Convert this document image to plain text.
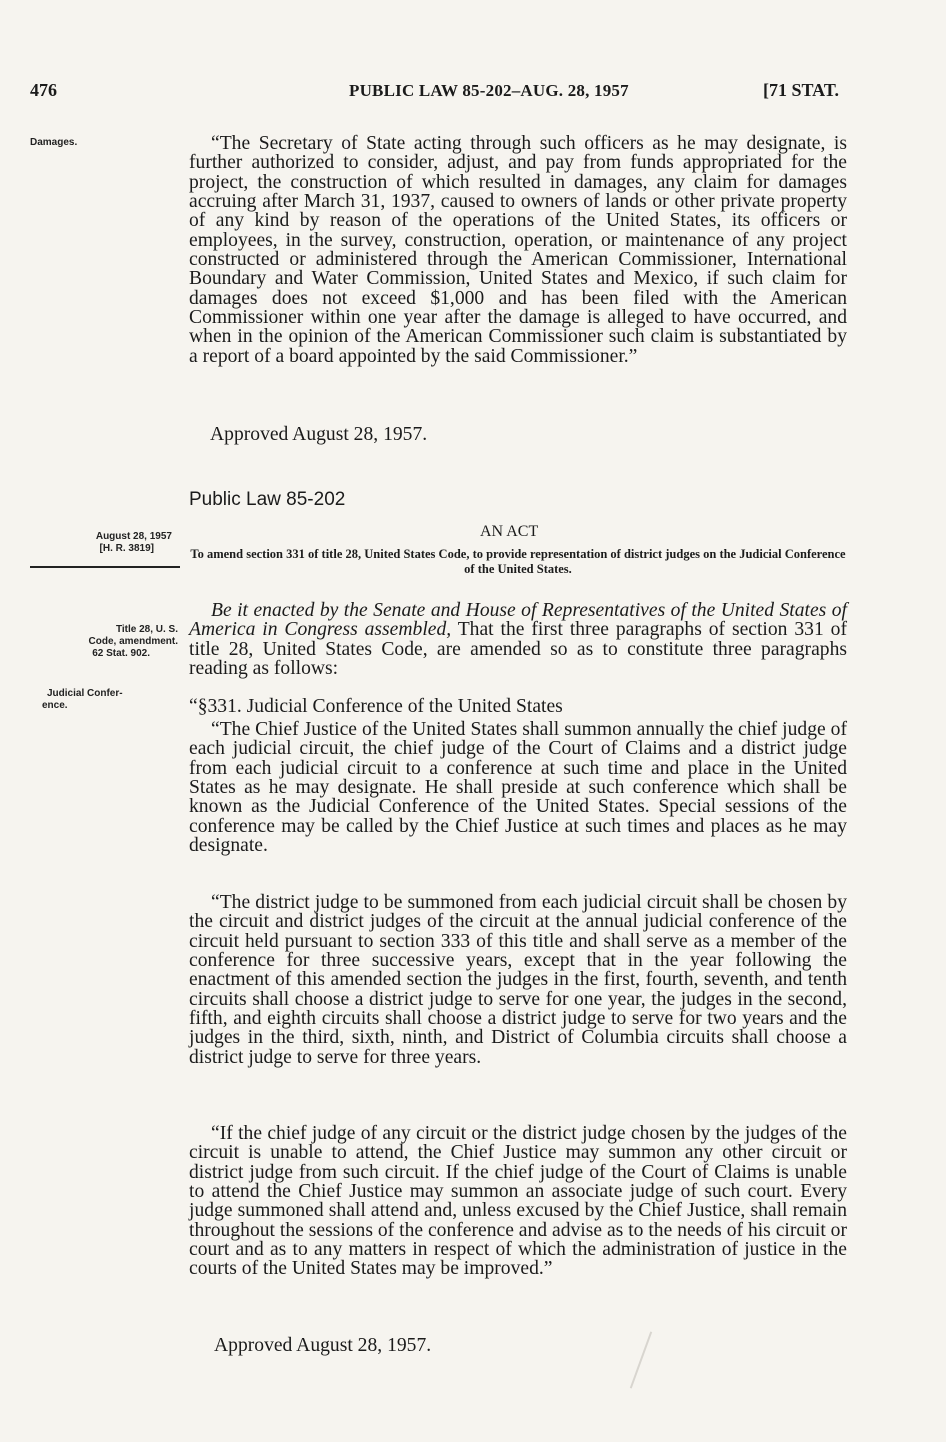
476	PUBLIC LAW 85-202–AUG. 28, 1957	[71 STAT.
Damages.
August 28, 1957
[H. R. 3819]
Title 28, U. S.
Code, amendment.
62 Stat. 902.
Judicial Confer-
ence.

“The Secretary of State acting through such officers as he may designate, is further authorized to consider, adjust, and pay from funds appropriated for the project, the construction of which resulted in damages, any claim for damages accruing after March 31, 1937, caused to owners of lands or other private property of any kind by reason of the operations of the United States, its officers or employees, in the survey, construction, operation, or maintenance of any project constructed or administered through the American Commissioner, International Boundary and Water Commission, United States and Mexico, if such claim for damages does not exceed $1,000 and has been filed with the American Commissioner within one year after the damage is alleged to have occurred, and when in the opinion of the American Commissioner such claim is substantiated by a report of a board appointed by the said Commissioner.”

Approved August 28, 1957.
Public Law 85-202
AN ACT
To amend section 331 of title 28, United States Code, to provide representation of district judges on the Judicial Conference of the United States.

Be it enacted by the Senate and House of Representatives of the United States of America in Congress assembled, That the first three paragraphs of section 331 of title 28, United States Code, are amended so as to constitute three paragraphs reading as follows:

“§331. Judicial Conference of the United States

“The Chief Justice of the United States shall summon annually the chief judge of each judicial circuit, the chief judge of the Court of Claims and a district judge from each judicial circuit to a conference at such time and place in the United States as he may designate. He shall preside at such conference which shall be known as the Judicial Conference of the United States. Special sessions of the conference may be called by the Chief Justice at such times and places as he may designate.

“The district judge to be summoned from each judicial circuit shall be chosen by the circuit and district judges of the circuit at the annual judicial conference of the circuit held pursuant to section 333 of this title and shall serve as a member of the conference for three successive years, except that in the year following the enactment of this amended section the judges in the first, fourth, seventh, and tenth circuits shall choose a district judge to serve for one year, the judges in the second, fifth, and eighth circuits shall choose a district judge to serve for two years and the judges in the third, sixth, ninth, and District of Columbia circuits shall choose a district judge to serve for three years.

“If the chief judge of any circuit or the district judge chosen by the judges of the circuit is unable to attend, the Chief Justice may summon any other circuit or district judge from such circuit. If the chief judge of the Court of Claims is unable to attend the Chief Justice may summon an associate judge of such court. Every judge summoned shall attend and, unless excused by the Chief Justice, shall remain throughout the sessions of the conference and advise as to the needs of his circuit or court and as to any matters in respect of which the administration of justice in the courts of the United States may be improved.”

Approved August 28, 1957.
